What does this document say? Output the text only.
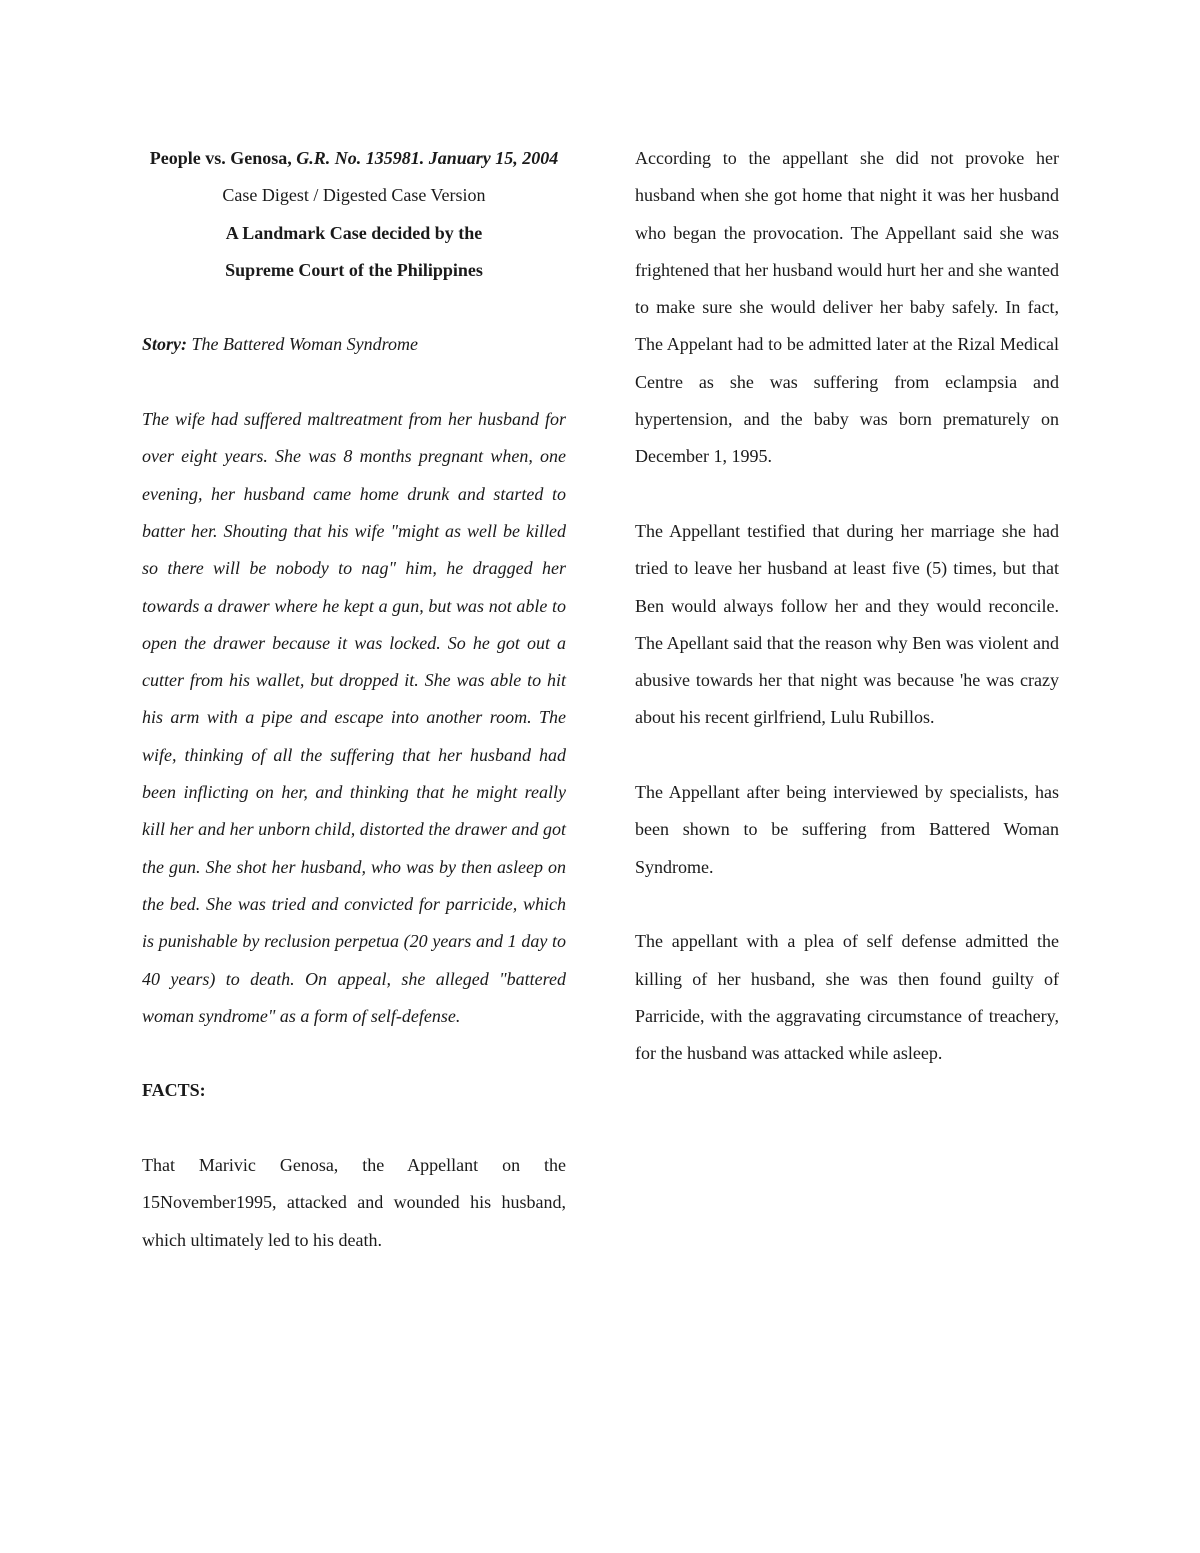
People vs. Genosa, G.R. No. 135981. January 15, 2004

Case Digest / Digested Case Version

A Landmark Case decided by the

Supreme Court of the Philippines

Story: The Battered Woman Syndrome

The wife had suffered maltreatment from her husband for over eight years. She was 8 months pregnant when, one evening, her husband came home drunk and started to batter her. Shouting that his wife "might as well be killed so there will be nobody to nag" him, he dragged her towards a drawer where he kept a gun, but was not able to open the drawer because it was locked. So he got out a cutter from his wallet, but dropped it. She was able to hit his arm with a pipe and escape into another room. The wife, thinking of all the suffering that her husband had been inflicting on her, and thinking that he might really kill her and her unborn child, distorted the drawer and got the gun. She shot her husband, who was by then asleep on the bed. She was tried and convicted for parricide, which is punishable by reclusion perpetua (20 years and 1 day to 40 years) to death. On appeal, she alleged "battered woman syndrome" as a form of self-defense.

FACTS:

That Marivic Genosa, the Appellant on the 15November1995, attacked and wounded his husband, which ultimately led to his death.

According to the appellant she did not provoke her husband when she got home that night it was her husband who began the provocation. The Appellant said she was frightened that her husband would hurt her and she wanted to make sure she would deliver her baby safely. In fact, The Appelant had to be admitted later at the Rizal Medical Centre as she was suffering from eclampsia and hypertension, and the baby was born prematurely on December 1, 1995.

The Appellant testified that during her marriage she had tried to leave her husband at least five (5) times, but that Ben would always follow her and they would reconcile. The Apellant said that the reason why Ben was violent and abusive towards her that night was because 'he was crazy about his recent girlfriend, Lulu Rubillos.

The Appellant after being interviewed by specialists, has been shown to be suffering from Battered Woman Syndrome.

The appellant with a plea of self defense admitted the killing of her husband, she was then found guilty of Parricide, with the aggravating circumstance of treachery, for the husband was attacked while asleep.
